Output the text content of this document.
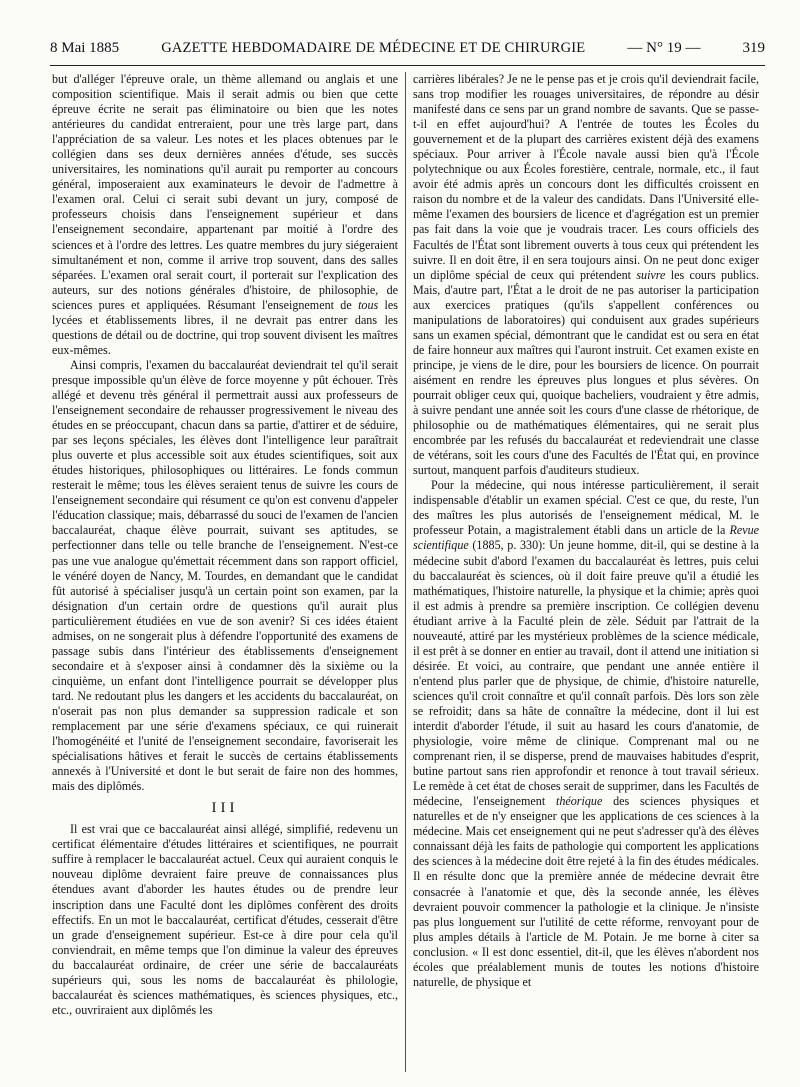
8 Mai 1885	GAZETTE HEBDOMADAIRE DE MÉDECINE ET DE CHIRURGIE	— N° 19 —	319

but d'alléger l'épreuve orale, un thème allemand ou anglais et une composition scientifique. Mais il serait admis ou bien que cette épreuve écrite ne serait pas éliminatoire ou bien que les notes antérieures du candidat entreraient, pour une très large part, dans l'appréciation de sa valeur. Les notes et les places obtenues par le collégien dans ses deux dernières années d'étude, ses succès universitaires, les nominations qu'il aurait pu remporter au concours général, imposeraient aux examinateurs le devoir de l'admettre à l'examen oral. Celui ci serait subi devant un jury, composé de professeurs choisis dans l'enseignement supérieur et dans l'enseignement secondaire, appartenant par moitié à l'ordre des sciences et à l'ordre des lettres. Les quatre membres du jury siégeraient simultanément et non, comme il arrive trop souvent, dans des salles séparées. L'examen oral serait court, il porterait sur l'explication des auteurs, sur des notions générales d'histoire, de philosophie, de sciences pures et appliquées. Résumant l'enseignement de tous les lycées et établissements libres, il ne devrait pas entrer dans les questions de détail ou de doctrine, qui trop souvent divisent les maîtres eux-mêmes.

Ainsi compris, l'examen du baccalauréat deviendrait tel qu'il serait presque impossible qu'un élève de force moyenne y pût échouer. Très allégé et devenu très général il permettrait aussi aux professeurs de l'enseignement secondaire de rehausser progressivement le niveau des études en se préoccupant, chacun dans sa partie, d'attirer et de séduire, par ses leçons spéciales, les élèves dont l'intelligence leur paraîtrait plus ouverte et plus accessible soit aux études scientifiques, soit aux études historiques, philosophiques ou littéraires. Le fonds commun resterait le même; tous les élèves seraient tenus de suivre les cours de l'enseignement secondaire qui résument ce qu'on est convenu d'appeler l'éducation classique; mais, débarrassé du souci de l'examen de l'ancien baccalauréat, chaque élève pourrait, suivant ses aptitudes, se perfectionner dans telle ou telle branche de l'enseignement. N'est-ce pas une vue analogue qu'émettait récemment dans son rapport officiel, le vénéré doyen de Nancy, M. Tourdes, en demandant que le candidat fût autorisé à spécialiser jusqu'à un certain point son examen, par la désignation d'un certain ordre de questions qu'il aurait plus particulièrement étudiées en vue de son avenir? Si ces idées étaient admises, on ne songerait plus à défendre l'opportunité des examens de passage subis dans l'intérieur des établissements d'enseignement secondaire et à s'exposer ainsi à condamner dès la sixième ou la cinquième, un enfant dont l'intelligence pourrait se développer plus tard. Ne redoutant plus les dangers et les accidents du baccalauréat, on n'oserait pas non plus demander sa suppression radicale et son remplacement par une série d'examens spéciaux, ce qui ruinerait l'homogénéité et l'unité de l'enseignement secondaire, favoriserait les spécialisations hâtives et ferait le succès de certains établissements annexés à l'Université et dont le but serait de faire non des hommes, mais des diplômés.

III

Il est vrai que ce baccalauréat ainsi allégé, simplifié, redevenu un certificat élémentaire d'études littéraires et scientifiques, ne pourrait suffire à remplacer le baccalauréat actuel. Ceux qui auraient conquis le nouveau diplôme devraient faire preuve de connaissances plus étendues avant d'aborder les hautes études ou de prendre leur inscription dans une Faculté dont les diplômes confèrent des droits effectifs. En un mot le baccalauréat, certificat d'études, cesserait d'être un grade d'enseignement supérieur. Est-ce à dire pour cela qu'il conviendrait, en même temps que l'on diminue la valeur des épreuves du baccalauréat ordinaire, de créer une série de baccalauréats supérieurs qui, sous les noms de baccalauréat ès philologie, baccalauréat ès sciences mathématiques, ès sciences physiques, etc., etc., ouvriraient aux diplômés les

carrières libérales? Je ne le pense pas et je crois qu'il deviendrait facile, sans trop modifier les rouages universitaires, de répondre au désir manifesté dans ce sens par un grand nombre de savants. Que se passe-t-il en effet aujourd'hui? A l'entrée de toutes les Écoles du gouvernement et de la plupart des carrières existent déjà des examens spéciaux. Pour arriver à l'École navale aussi bien qu'à l'École polytechnique ou aux Écoles forestière, centrale, normale, etc., il faut avoir été admis après un concours dont les difficultés croissent en raison du nombre et de la valeur des candidats. Dans l'Université elle-même l'examen des boursiers de licence et d'agrégation est un premier pas fait dans la voie que je voudrais tracer. Les cours officiels des Facultés de l'État sont librement ouverts à tous ceux qui prétendent les suivre. Il en doit être, il en sera toujours ainsi. On ne peut donc exiger un diplôme spécial de ceux qui prétendent suivre les cours publics. Mais, d'autre part, l'État a le droit de ne pas autoriser la participation aux exercices pratiques (qu'ils s'appellent conférences ou manipulations de laboratoires) qui conduisent aux grades supérieurs sans un examen spécial, démontrant que le candidat est ou sera en état de faire honneur aux maîtres qui l'auront instruit. Cet examen existe en principe, je viens de le dire, pour les boursiers de licence. On pourrait aisément en rendre les épreuves plus longues et plus sévères. On pourrait obliger ceux qui, quoique bacheliers, voudraient y être admis, à suivre pendant une année soit les cours d'une classe de rhétorique, de philosophie ou de mathématiques élémentaires, qui ne serait plus encombrée par les refusés du baccalauréat et redeviendrait une classe de vétérans, soit les cours d'une des Facultés de l'État qui, en province surtout, manquent parfois d'auditeurs studieux.

Pour la médecine, qui nous intéresse particulièrement, il serait indispensable d'établir un examen spécial. C'est ce que, du reste, l'un des maîtres les plus autorisés de l'enseignement médical, M. le professeur Potain, a magistralement établi dans un article de la Revue scientifique (1885, p. 330): Un jeune homme, dit-il, qui se destine à la médecine subit d'abord l'examen du baccalauréat ès lettres, puis celui du baccalauréat ès sciences, où il doit faire preuve qu'il a étudié les mathématiques, l'histoire naturelle, la physique et la chimie; après quoi il est admis à prendre sa première inscription. Ce collégien devenu étudiant arrive à la Faculté plein de zèle. Séduit par l'attrait de la nouveauté, attiré par les mystérieux problèmes de la science médicale, il est prêt à se donner en entier au travail, dont il attend une initiation si désirée. Et voici, au contraire, que pendant une année entière il n'entend plus parler que de physique, de chimie, d'histoire naturelle, sciences qu'il croit connaître et qu'il connaît parfois. Dès lors son zèle se refroidit; dans sa hâte de connaître la médecine, dont il lui est interdit d'aborder l'étude, il suit au hasard les cours d'anatomie, de physiologie, voire même de clinique. Comprenant mal ou ne comprenant rien, il se disperse, prend de mauvaises habitudes d'esprit, butine partout sans rien approfondir et renonce à tout travail sérieux. Le remède à cet état de choses serait de supprimer, dans les Facultés de médecine, l'enseignement théorique des sciences physiques et naturelles et de n'y enseigner que les applications de ces sciences à la médecine. Mais cet enseignement qui ne peut s'adresser qu'à des élèves connaissant déjà les faits de pathologie qui comportent les applications des sciences à la médecine doit être rejeté à la fin des études médicales. Il en résulte donc que la première année de médecine devrait être consacrée à l'anatomie et que, dès la seconde année, les élèves devraient pouvoir commencer la pathologie et la clinique. Je n'insiste pas plus longuement sur l'utilité de cette réforme, renvoyant pour de plus amples détails à l'article de M. Potain. Je me borne à citer sa conclusion. « Il est donc essentiel, dit-il, que les élèves n'abordent nos écoles que préalablement munis de toutes les notions d'histoire naturelle, de physique et
